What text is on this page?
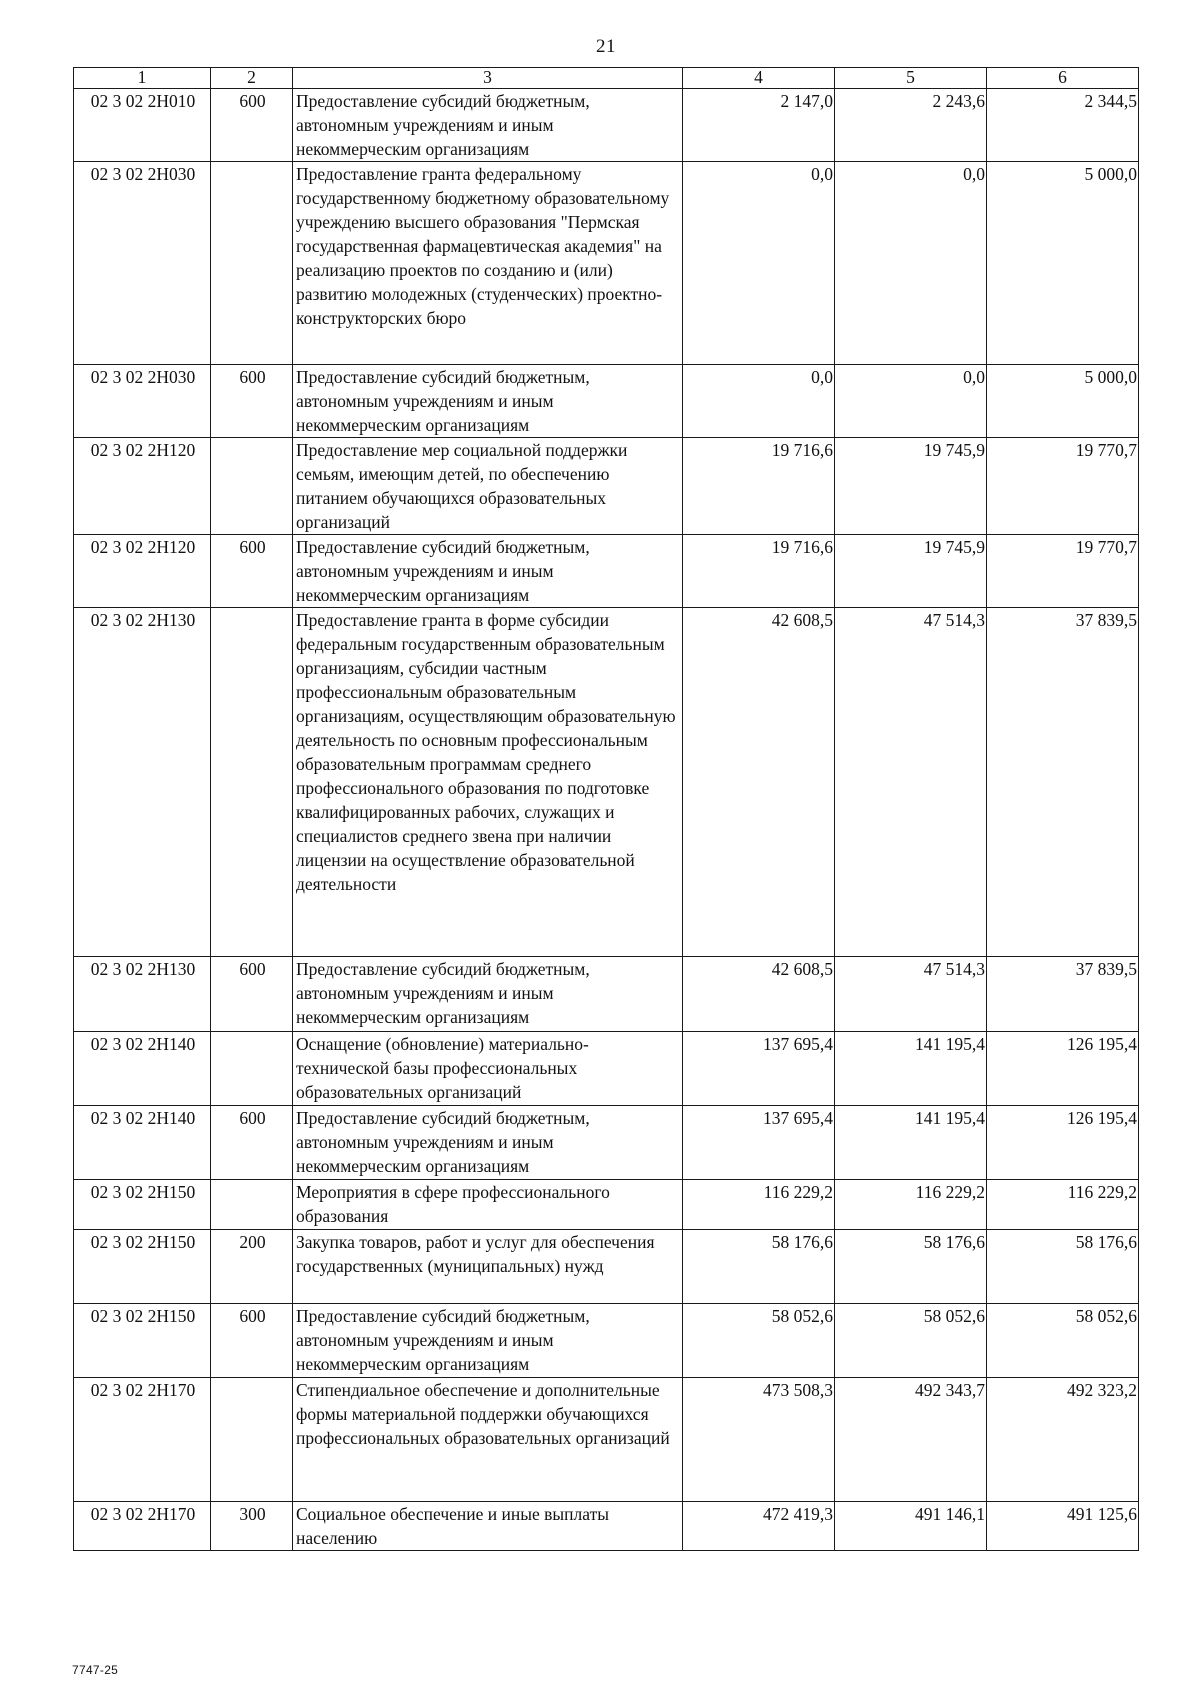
21
1	2	3	4	5	6
02 3 02 2Н010	600	Предоставление субсидий бюджетным, автономным учреждениям и иным некоммерческим организациям	2 147,0	2 243,6	2 344,5
02 3 02 2Н030		Предоставление гранта федеральному государственному бюджетному образовательному учреждению высшего образования "Пермская государственная фармацевтическая академия" на реализацию проектов по созданию и (или) развитию молодежных (студенческих) проектно-конструкторских бюро	0,0	0,0	5 000,0
02 3 02 2Н030	600	Предоставление субсидий бюджетным, автономным учреждениям и иным некоммерческим организациям	0,0	0,0	5 000,0
02 3 02 2Н120		Предоставление мер социальной поддержки семьям, имеющим детей, по обеспечению питанием обучающихся образовательных организаций	19 716,6	19 745,9	19 770,7
02 3 02 2Н120	600	Предоставление субсидий бюджетным, автономным учреждениям и иным некоммерческим организациям	19 716,6	19 745,9	19 770,7
02 3 02 2Н130		Предоставление гранта в форме субсидии федеральным государственным образовательным организациям, субсидии частным профессиональным образовательным организациям, осуществляющим образовательную деятельность по основным профессиональным образовательным программам среднего профессионального образования по подготовке квалифицированных рабочих, служащих и специалистов среднего звена при наличии лицензии на осуществление образовательной деятельности	42 608,5	47 514,3	37 839,5
02 3 02 2Н130	600	Предоставление субсидий бюджетным, автономным учреждениям и иным некоммерческим организациям	42 608,5	47 514,3	37 839,5
02 3 02 2Н140		Оснащение (обновление) материально-технической базы профессиональных образовательных организаций	137 695,4	141 195,4	126 195,4
02 3 02 2Н140	600	Предоставление субсидий бюджетным, автономным учреждениям и иным некоммерческим организациям	137 695,4	141 195,4	126 195,4
02 3 02 2Н150		Мероприятия в сфере профессионального образования	116 229,2	116 229,2	116 229,2
02 3 02 2Н150	200	Закупка товаров, работ и услуг для обеспечения государственных (муниципальных) нужд	58 176,6	58 176,6	58 176,6
02 3 02 2Н150	600	Предоставление субсидий бюджетным, автономным учреждениям и иным некоммерческим организациям	58 052,6	58 052,6	58 052,6
02 3 02 2Н170		Стипендиальное обеспечение и дополнительные формы материальной поддержки обучающихся профессиональных образовательных организаций	473 508,3	492 343,7	492 323,2
02 3 02 2Н170	300	Социальное обеспечение и иные выплаты населению	472 419,3	491 146,1	491 125,6
7747-25
